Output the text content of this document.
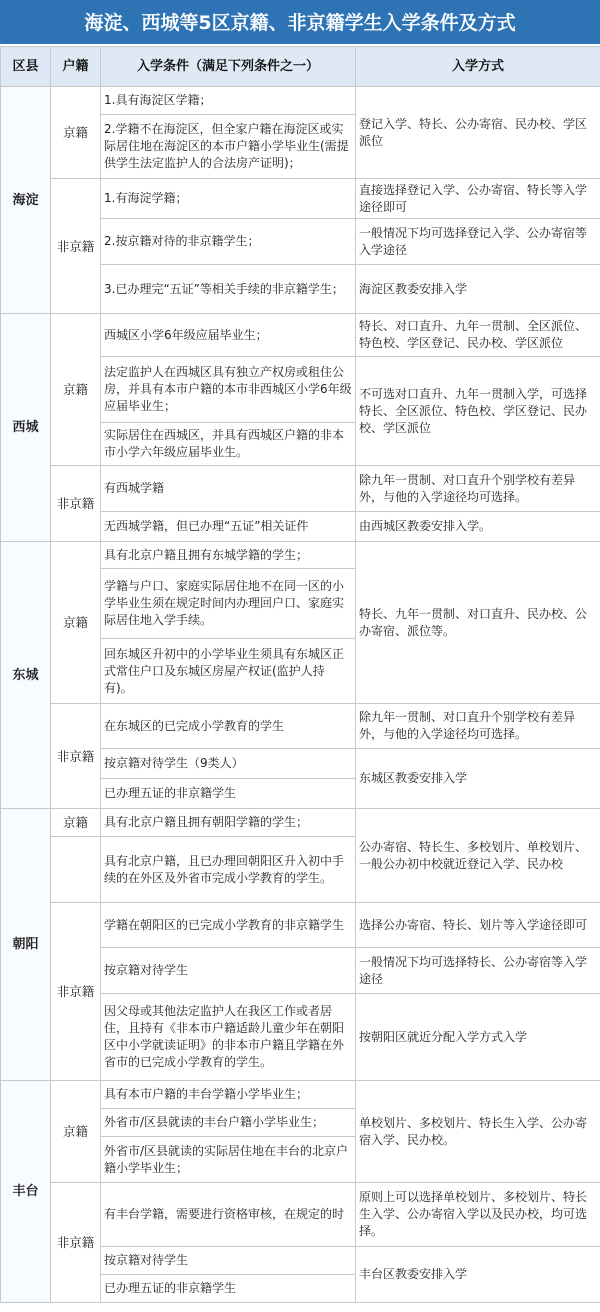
海淀、西城等5区京籍、非京籍学生入学条件及方式
区县	户籍	入学条件（满足下列条件之一）	入学方式
海淀	京籍	1.具有海淀区学籍；	登记入学、特长、公办寄宿、民办校、学区派位
		2.学籍不在海淀区，但全家户籍在海淀区或实际居住地在海淀区的本市户籍小学毕业生(需提供学生法定监护人的合法房产证明)；	
	非京籍	1.有海淀学籍；	直接选择登记入学、公办寄宿、特长等入学途径即可
		2.按京籍对待的非京籍学生；	一般情况下均可选择登记入学、公办寄宿等入学途径
		3.已办理完“五证”等相关手续的非京籍学生；	海淀区教委安排入学
西城	京籍	西城区小学6年级应届毕业生；	特长、对口直升、九年一贯制、全区派位、特色校、学区登记、民办校、学区派位
		法定监护人在西城区具有独立产权房或租住公房，并具有本市户籍的本市非西城区小学6年级应届毕业生；	不可选对口直升、九年一贯制入学，可选择特长、全区派位、特色校、学区登记、民办校、学区派位
		实际居住在西城区，并具有西城区户籍的非本市小学六年级应届毕业生。	
	非京籍	有西城学籍	除九年一贯制、对口直升个别学校有差异外，与他的入学途径均可选择。
		无西城学籍，但已办理“五证”相关证件	由西城区教委安排入学。
东城	京籍	具有北京户籍且拥有东城学籍的学生；	特长、九年一贯制、对口直升、民办校、公办寄宿、派位等。
		学籍与户口、家庭实际居住地不在同一区的小学毕业生须在规定时间内办理回户口、家庭实际居住地入学手续。	
		回东城区升初中的小学毕业生须具有东城区正式常住户口及东城区房屋产权证(监护人持有)。	
	非京籍	在东城区的已完成小学教育的学生	除九年一贯制、对口直升个别学校有差异外，与他的入学途径均可选择。
		按京籍对待学生（9类人）	东城区教委安排入学
		已办理五证的非京籍学生	
朝阳	京籍	具有北京户籍且拥有朝阳学籍的学生；	公办寄宿、特长生、多校划片、单校划片、一般公办初中校就近登记入学、民办校
		具有北京户籍，且已办理回朝阳区升入初中手续的在外区及外省市完成小学教育的学生。	
	非京籍	学籍在朝阳区的已完成小学教育的非京籍学生	选择公办寄宿、特长、划片等入学途径即可
		按京籍对待学生	一般情况下均可选择特长、公办寄宿等入学途径
		因父母或其他法定监护人在我区工作或者居住，且持有《非本市户籍适龄儿童少年在朝阳区中小学就读证明》的非本市户籍且学籍在外省市的已完成小学教育的学生。	按朝阳区就近分配入学方式入学
丰台	京籍	具有本市户籍的丰台学籍小学毕业生；	单校划片、多校划片、特长生入学、公办寄宿入学、民办校。
		外省市/区县就读的丰台户籍小学毕业生；	
		外省市/区县就读的实际居住地在丰台的北京户籍小学毕业生；	
	非京籍	有丰台学籍，需要进行资格审核，在规定的时	原则上可以选择单校划片、多校划片、特长生入学、公办寄宿入学以及民办校，均可选择。
		按京籍对待学生	丰台区教委安排入学
		已办理五证的非京籍学生	
